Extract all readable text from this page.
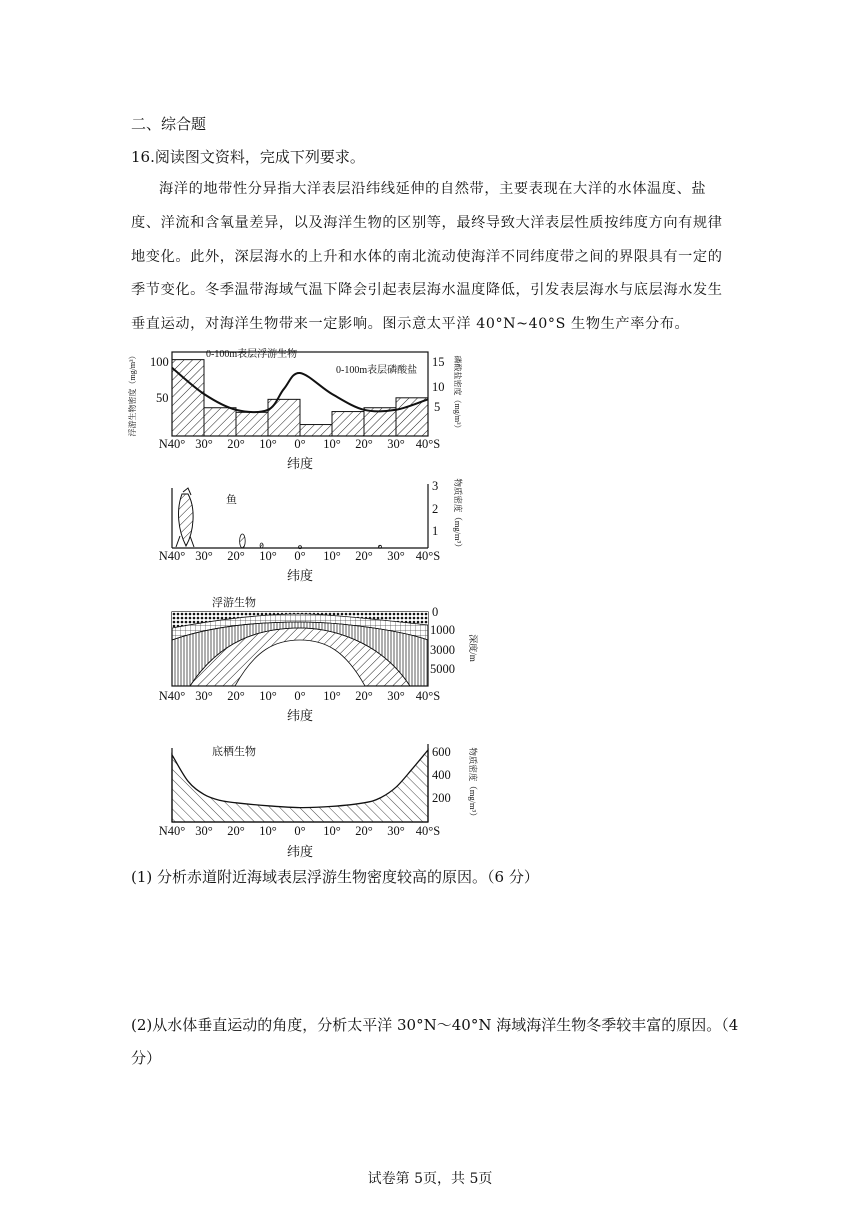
二、综合题
16.阅读图文资料，完成下列要求。
海洋的地带性分异指大洋表层沿纬线延伸的自然带，主要表现在大洋的水体温度、盐
度、洋流和含氧量差异，以及海洋生物的区别等，最终导致大洋表层性质按纬度方向有规律
地变化。此外，深层海水的上升和水体的南北流动使海洋不同纬度带之间的界限具有一定的
季节变化。冬季温带海域气温下降会引起表层海水温度降低，引发表层海水与底层海水发生
垂直运动，对海洋生物带来一定影响。图示意太平洋 40°N~40°S 生物生产率分布。
0-100m表层浮游生物
0-100m表层磷酸盐
100
50
15
10
5
浮游生物密度（mg/m³）	磷酸盐密度（mg/m³）
N40° 30° 20° 10° 0° 10° 20° 30° 40°S
纬度
鱼
3
2
1 物质密度（mg/m³）
N40° 30° 20° 10° 0° 10° 20° 30° 40°S
纬度
浮游生物
0
1000
3000
5000
深度/m
N40° 30° 20° 10° 0° 10° 20° 30° 40°S
纬度
底栖生物	600
400
200 物质密度（mg/m³）
N40° 30° 20° 10° 0° 10° 20° 30° 40°S
纬度
(1) 分析赤道附近海域表层浮游生物密度较高的原因。（6 分）
(2)从水体垂直运动的角度，分析太平洋 30°N～40°N 海域海洋生物冬季较丰富的原因。（4
分）
试卷第 5页，共 5页
